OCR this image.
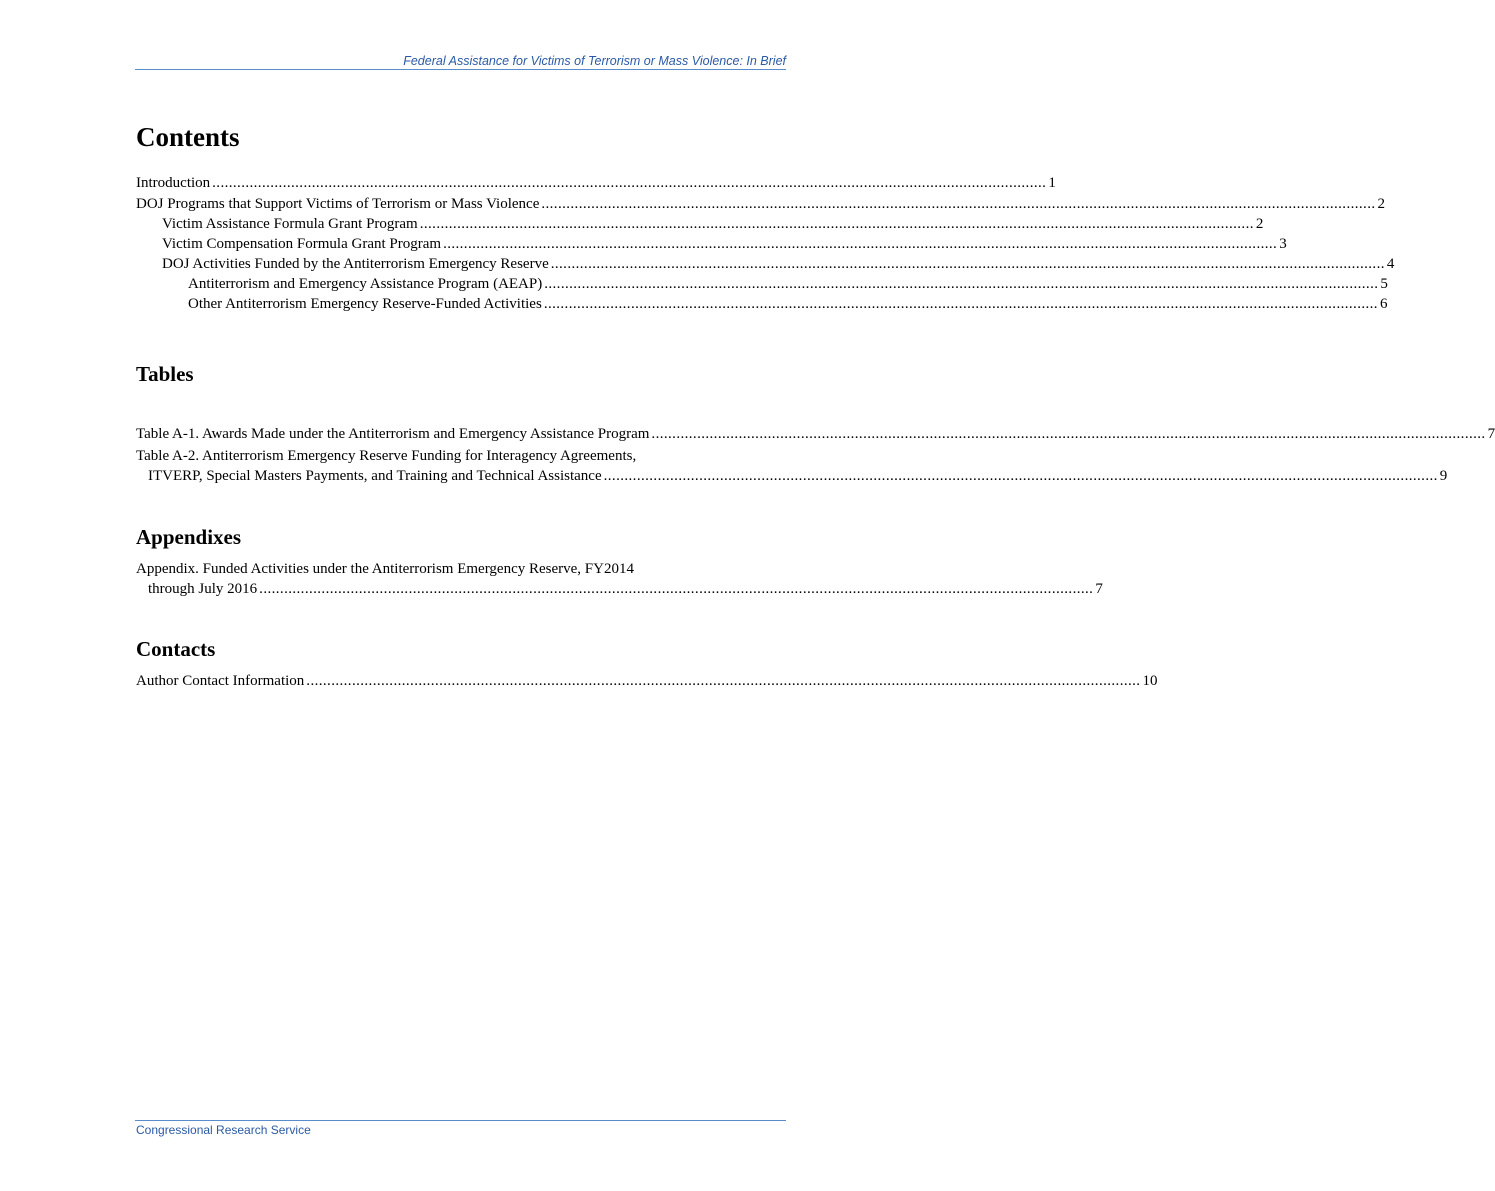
Federal Assistance for Victims of Terrorism or Mass Violence: In Brief
Contents
Introduction ......................................................................................................................................................................................................... 1
DOJ Programs that Support Victims of Terrorism or Mass Violence ......................................................................................................................................................................................................... 2
Victim Assistance Formula Grant Program ......................................................................................................................................................................................................... 2
Victim Compensation Formula Grant Program ......................................................................................................................................................................................................... 3
DOJ Activities Funded by the Antiterrorism Emergency Reserve ......................................................................................................................................................................................................... 4
Antiterrorism and Emergency Assistance Program (AEAP) ......................................................................................................................................................................................................... 5
Other Antiterrorism Emergency Reserve-Funded Activities ......................................................................................................................................................................................................... 6
Tables
Table A-1. Awards Made under the Antiterrorism and Emergency Assistance Program ......................................................................................................................................................................................................... 7
Table A-2. Antiterrorism Emergency Reserve Funding for Interagency Agreements,
ITVERP, Special Masters Payments, and Training and Technical Assistance ......................................................................................................................................................................................................... 9
Appendixes
Appendix. Funded Activities under the Antiterrorism Emergency Reserve, FY2014
through July 2016 ......................................................................................................................................................................................................... 7
Contacts
Author Contact Information ......................................................................................................................................................................................................... 10
Congressional Research Service
